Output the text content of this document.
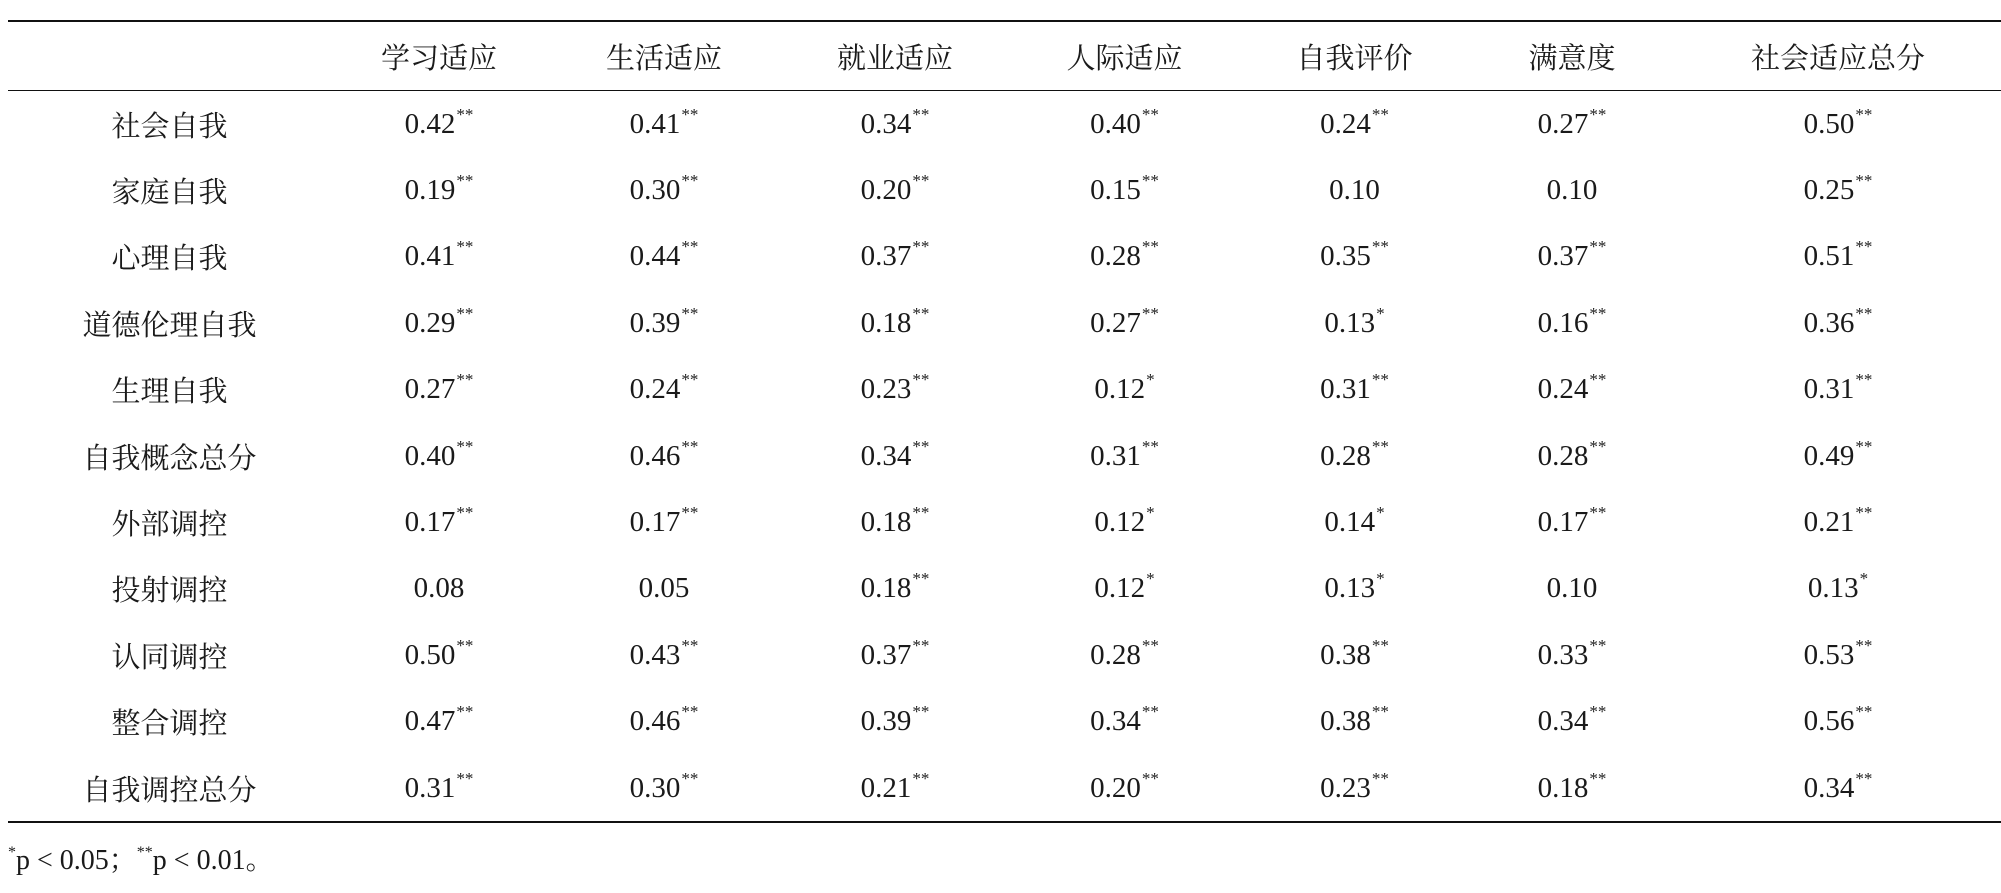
	学习适应	生活适应	就业适应	人际适应	自我评价	满意度	社会适应总分
社会自我	0.42**	0.41**	0.34**	0.40**	0.24**	0.27**	0.50**
家庭自我	0.19**	0.30**	0.20**	0.15**	0.10	0.10	0.25**
心理自我	0.41**	0.44**	0.37**	0.28**	0.35**	0.37**	0.51**
道德伦理自我	0.29**	0.39**	0.18**	0.27**	0.13*	0.16**	0.36**
生理自我	0.27**	0.24**	0.23**	0.12*	0.31**	0.24**	0.31**
自我概念总分	0.40**	0.46**	0.34**	0.31**	0.28**	0.28**	0.49**
外部调控	0.17**	0.17**	0.18**	0.12*	0.14*	0.17**	0.21**
投射调控	0.08	0.05	0.18**	0.12*	0.13*	0.10	0.13*
认同调控	0.50**	0.43**	0.37**	0.28**	0.38**	0.33**	0.53**
整合调控	0.47**	0.46**	0.39**	0.34**	0.38**	0.34**	0.56**
自我调控总分	0.31**	0.30**	0.21**	0.20**	0.23**	0.18**	0.34**
*p < 0.05；**p < 0.01。
